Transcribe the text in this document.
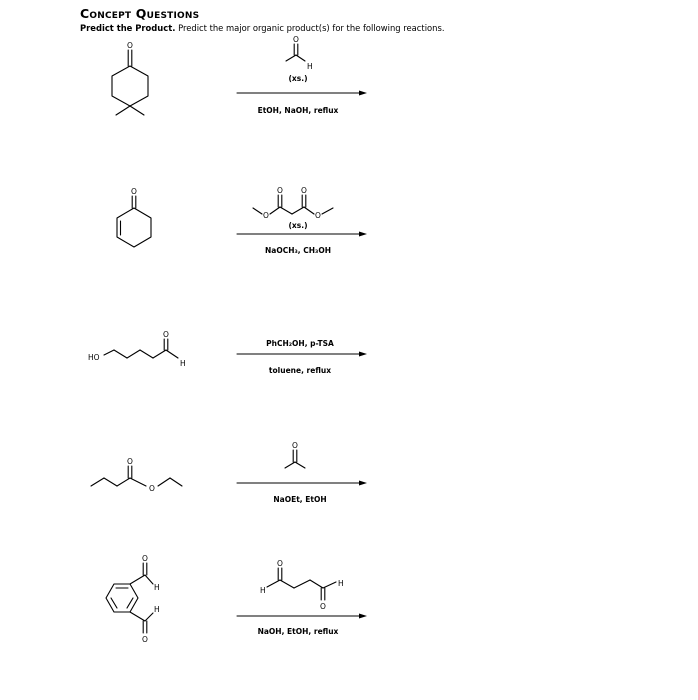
Concept Questions
Predict the Product. Predict the major organic product(s) for the following reactions.
O
O
H
(xs.)
EtOH, NaOH, reflux
O	O O
O	O
(xs.)
NaOCH₃, CH₃OH
O
H
HO
PhCH₂OH, p-TSA
toluene, reflux
O
O
O
NaOEt, EtOH
O
O
H
H
O
O
H
H
NaOH, EtOH, reflux
